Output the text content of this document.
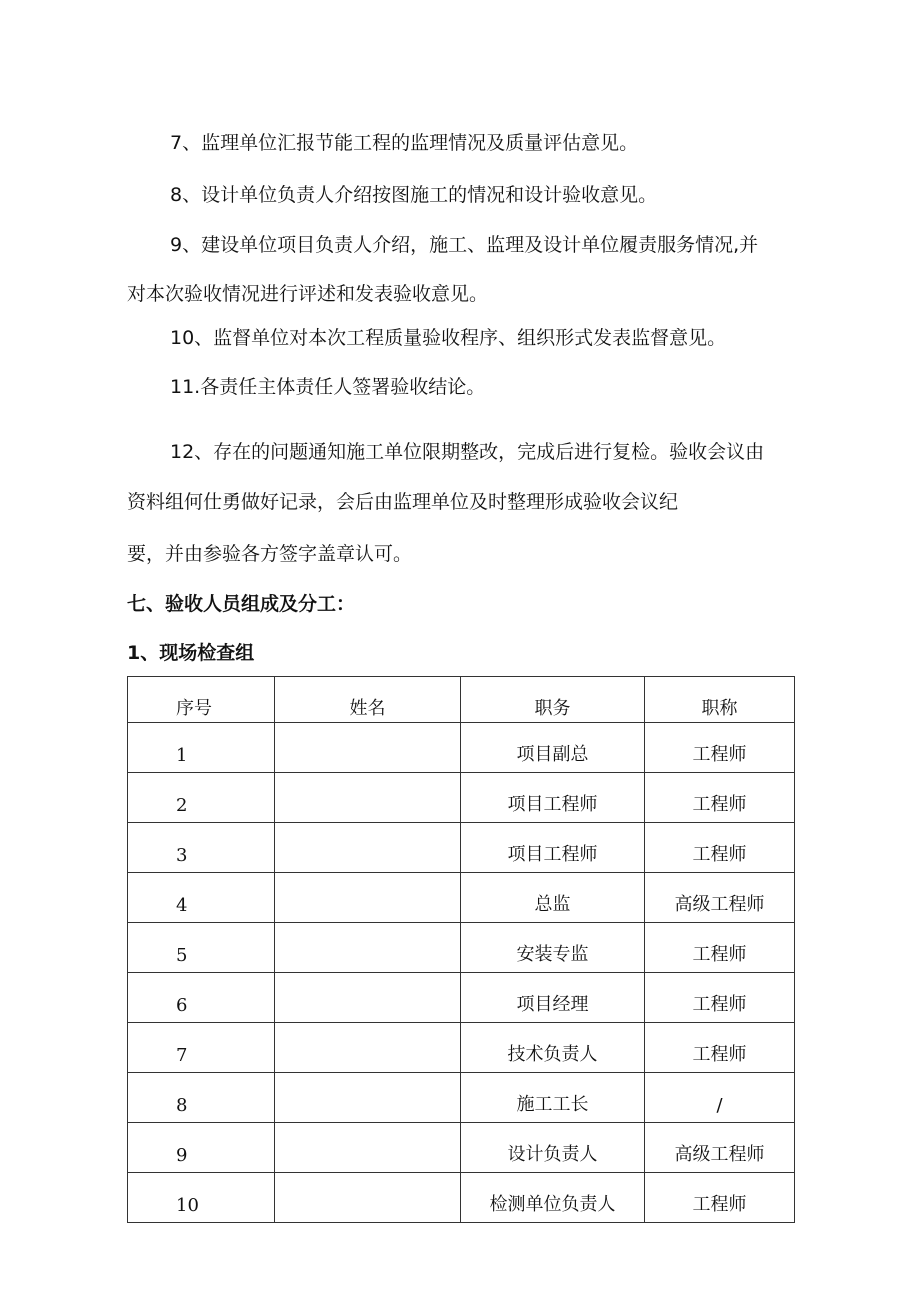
7、监理单位汇报节能工程的监理情况及质量评估意见。

8、设计单位负责人介绍按图施工的情况和设计验收意见。

9、建设单位项目负责人介绍，施工、监理及设计单位履责服务情况,并

对本次验收情况进行评述和发表验收意见。

10、监督单位对本次工程质量验收程序、组织形式发表监督意见。

11.各责任主体责任人签署验收结论。

12、存在的问题通知施工单位限期整改，完成后进行复检。验收会议由

资料组何仕勇做好记录，会后由监理单位及时整理形成验收会议纪

要，并由参验各方签字盖章认可。

七、验收人员组成及分工：
1、现场检查组
序号	姓名	职务	职称
1		项目副总	工程师
2		项目工程师	工程师
3		项目工程师	工程师
4		总监	高级工程师
5		安装专监	工程师
6		项目经理	工程师
7		技术负责人	工程师
8		施工工长	/
9		设计负责人	高级工程师
10		检测单位负责人	工程师
